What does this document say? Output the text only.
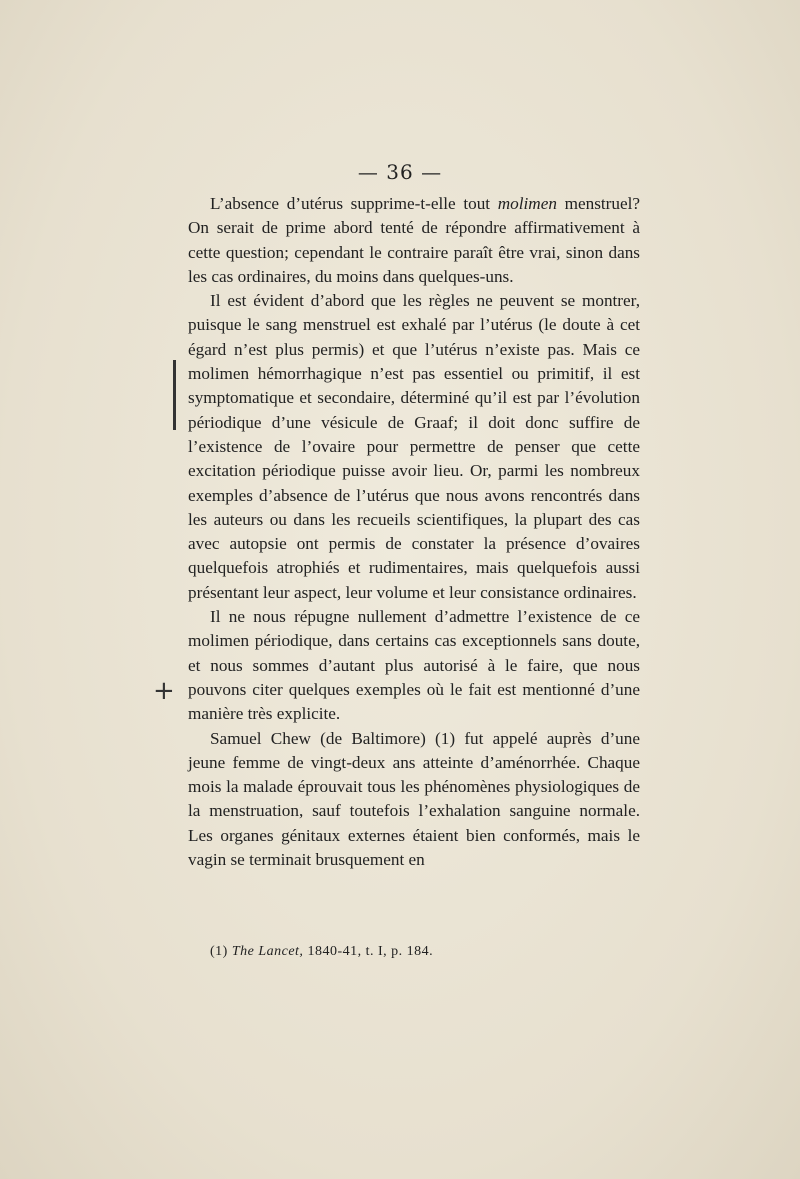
— 36 —

L’absence d’utérus supprime-t-elle tout molimen menstruel? On serait de prime abord tenté de répondre affirmativement à cette question; cependant le contraire paraît être vrai, sinon dans les cas ordinaires, du moins dans quelques-uns.

Il est évident d’abord que les règles ne peuvent se montrer, puisque le sang menstruel est exhalé par l’utérus (le doute à cet égard n’est plus permis) et que l’utérus n’existe pas. Mais ce molimen hémorrhagique n’est pas essentiel ou primitif, il est symptomatique et secondaire, déterminé qu’il est par l’évolution périodique d’une vésicule de Graaf; il doit donc suffire de l’existence de l’ovaire pour permettre de penser que cette excitation périodique puisse avoir lieu. Or, parmi les nombreux exemples d’absence de l’utérus que nous avons rencontrés dans les auteurs ou dans les recueils scientifiques, la plupart des cas avec autopsie ont permis de constater la présence d’ovaires quelquefois atrophiés et rudimentaires, mais quelquefois aussi présentant leur aspect, leur volume et leur consistance ordinaires.

Il ne nous répugne nullement d’admettre l’existence de ce molimen périodique, dans certains cas exceptionnels sans doute, et nous sommes d’autant plus autorisé à le faire, que nous pouvons citer quelques exemples où le fait est mentionné d’une manière très explicite.

Samuel Chew (de Baltimore) (1) fut appelé auprès d’une jeune femme de vingt-deux ans atteinte d’aménorrhée. Chaque mois la malade éprouvait tous les phénomènes physiologiques de la menstruation, sauf toutefois l’exhalation sanguine normale. Les organes génitaux externes étaient bien conformés, mais le vagin se terminait brusquement en

+
(1) The Lancet, 1840-41, t. I, p. 184.
